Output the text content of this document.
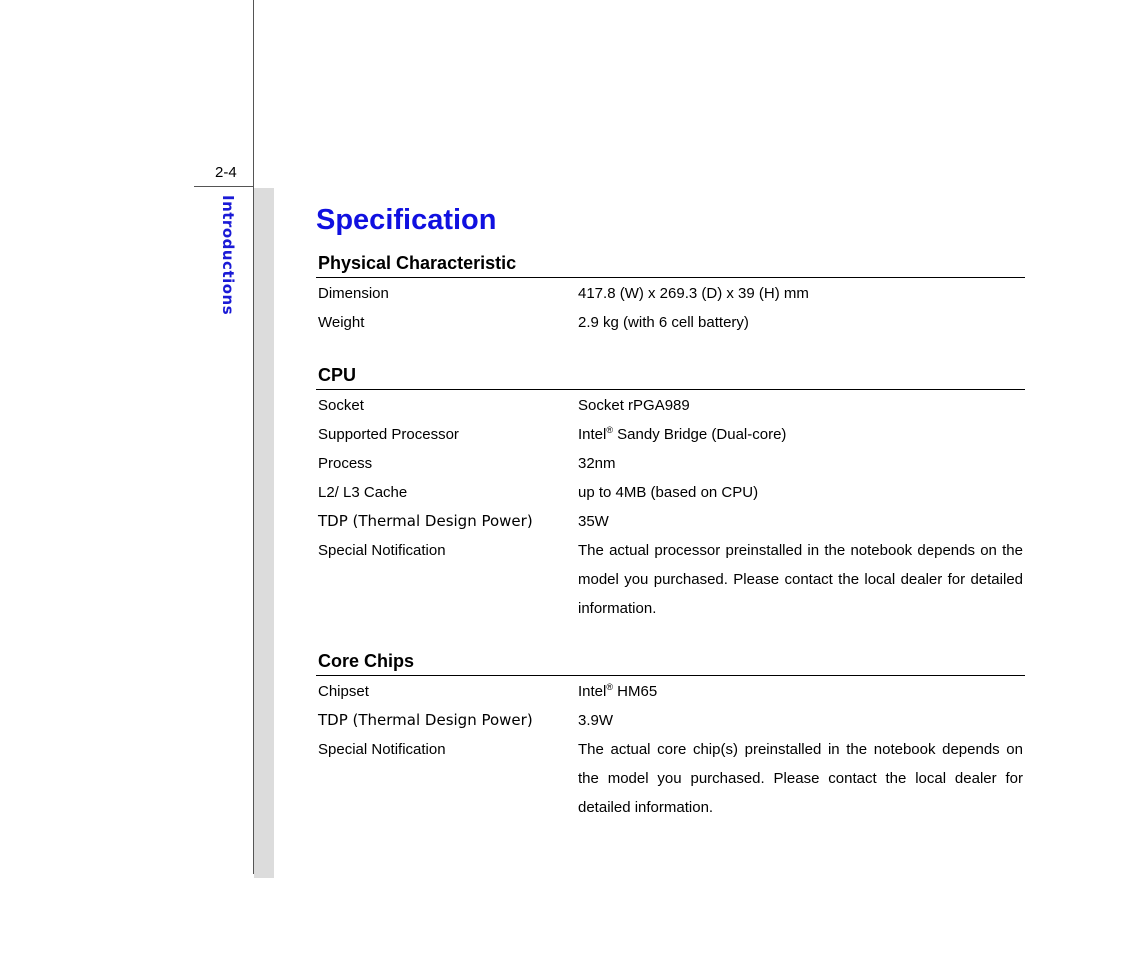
2-4
Introductions	Specification
Physical Characteristic
Dimension	417.8 (W) x 269.3 (D) x 39 (H) mm
Weight	2.9 kg (with 6 cell battery)
CPU
Socket	Socket rPGA989
Supported Processor	Intel® Sandy Bridge (Dual-core)
Process	32nm
L2/ L3 Cache	up to 4MB (based on CPU)
TDP (Thermal Design Power)	35W
Special Notification	The actual processor preinstalled in the notebook depends on the model you purchased. Please contact the local dealer for detailed information.
Core Chips
Chipset	Intel® HM65
TDP (Thermal Design Power)	3.9W
Special Notification	The actual core chip(s) preinstalled in the notebook depends on the model you purchased. Please contact the local dealer for detailed information.
